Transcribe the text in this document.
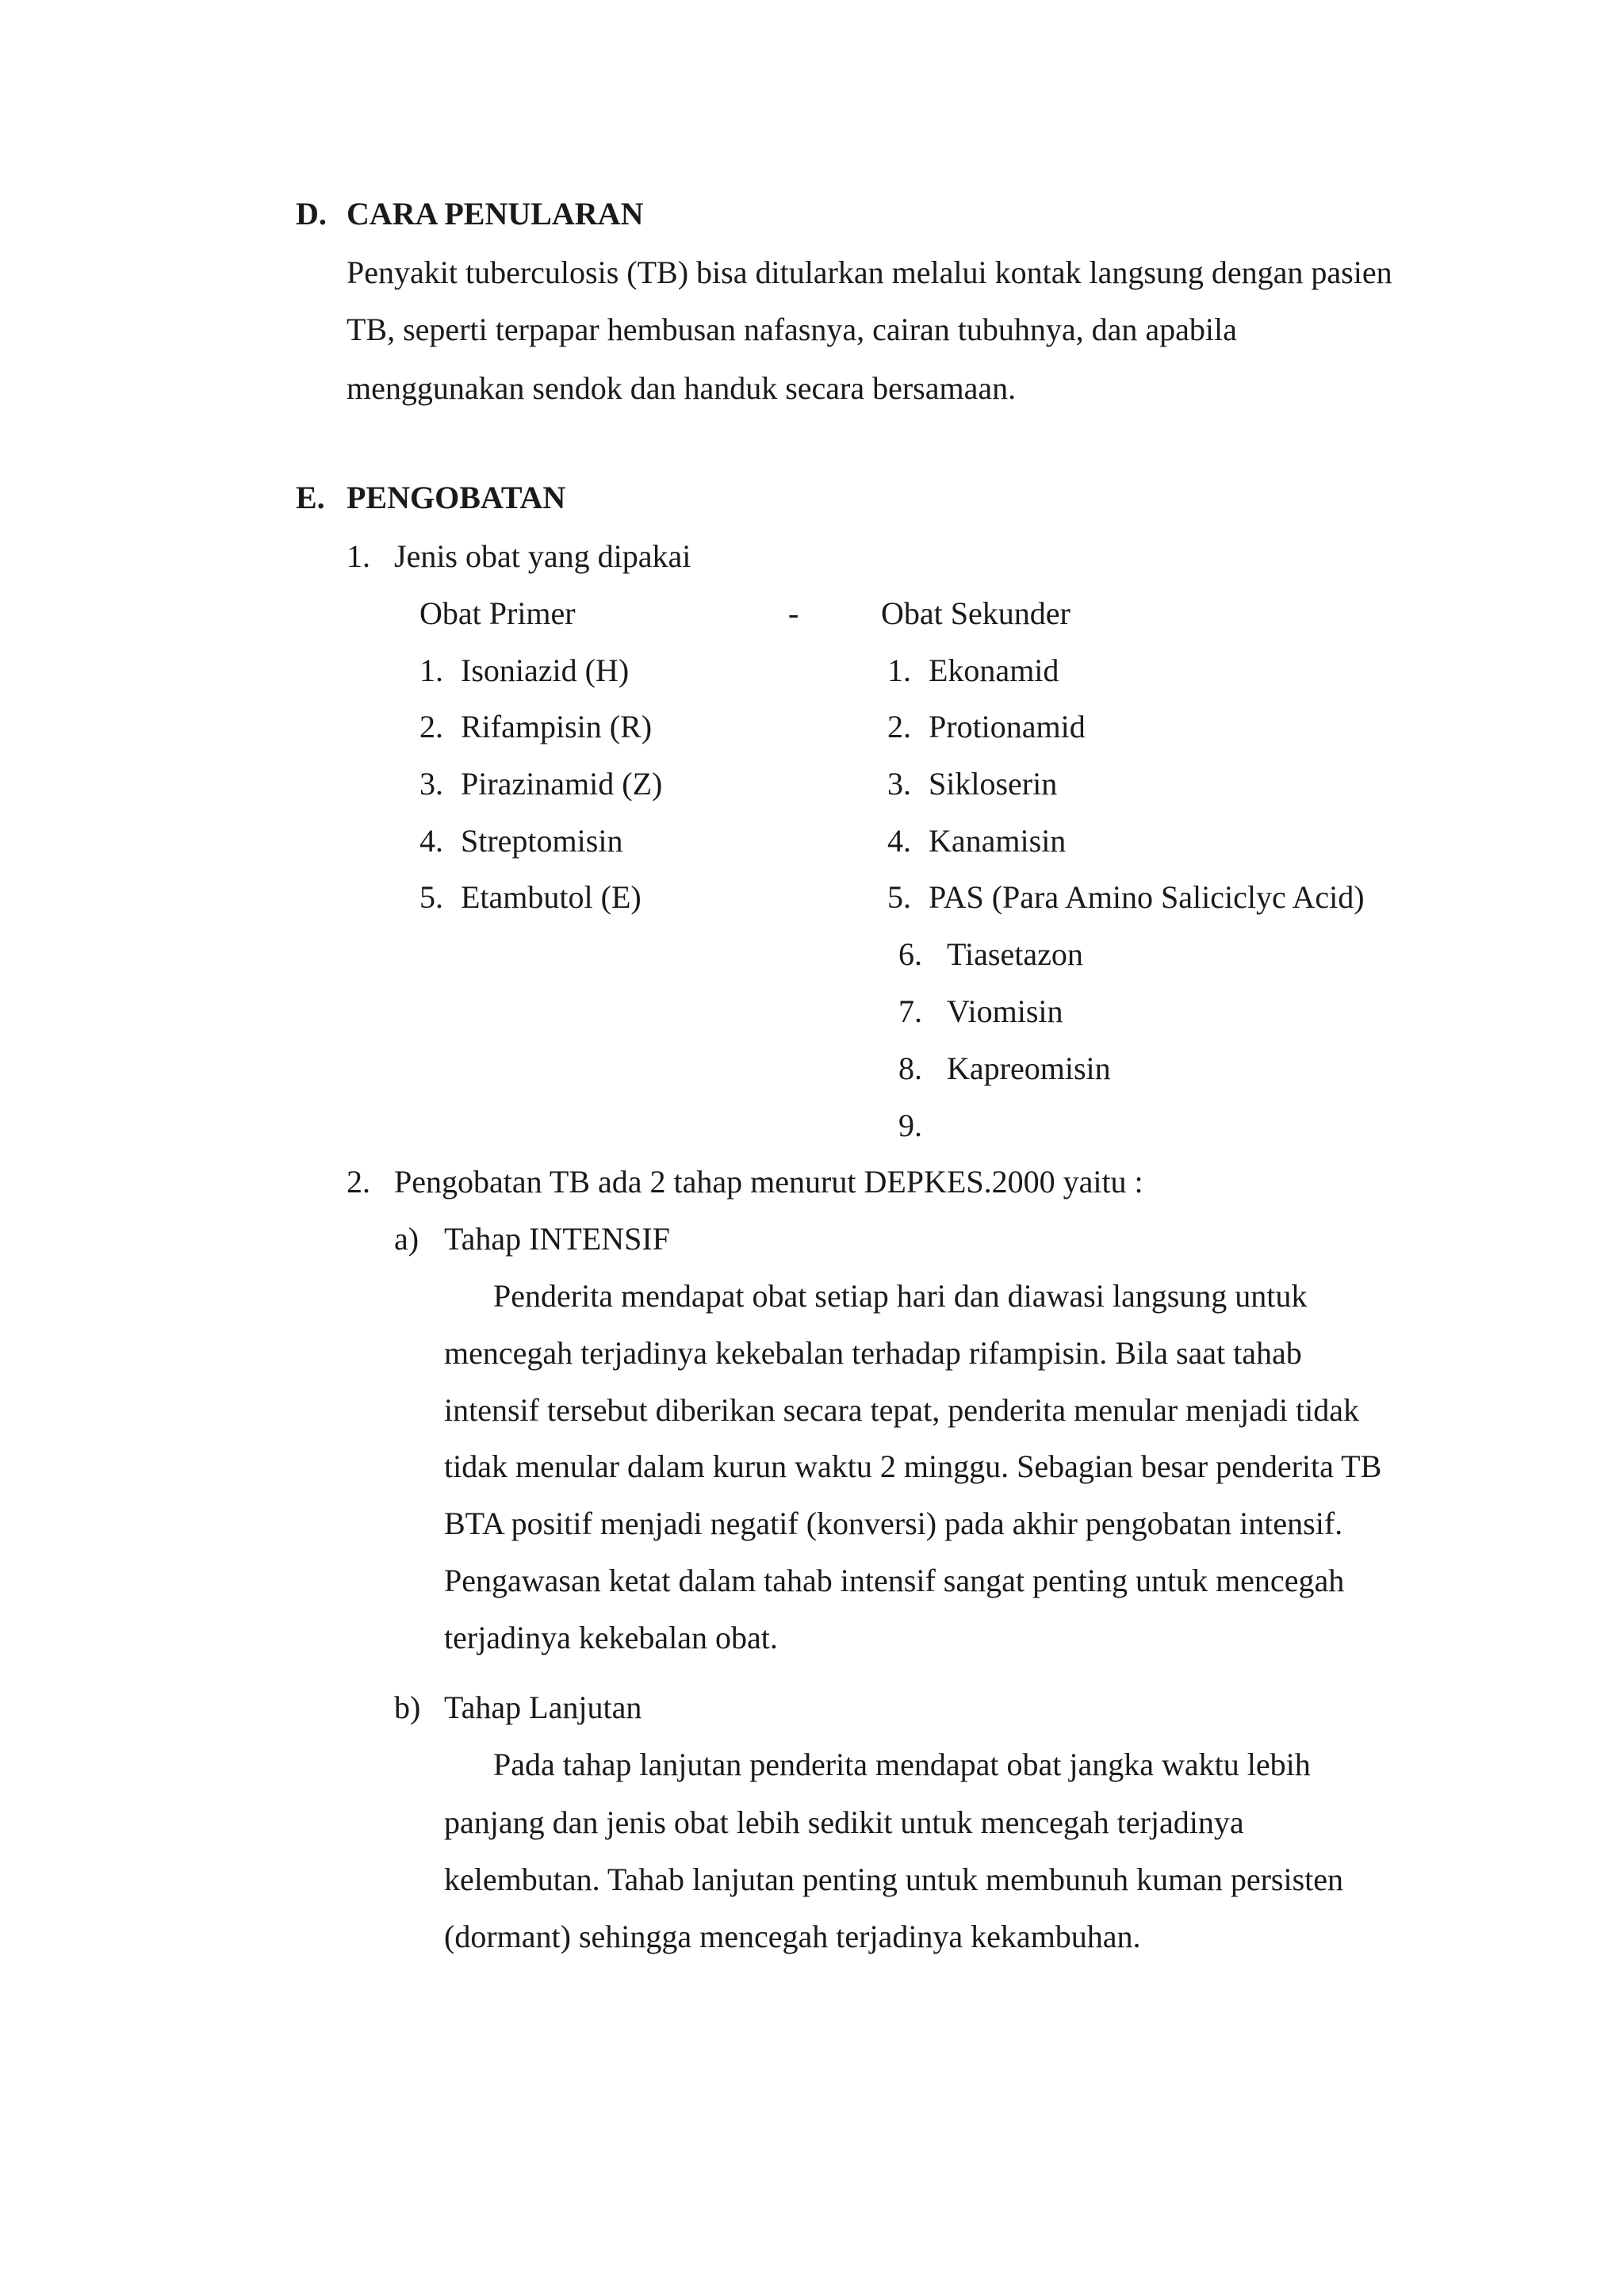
D. CARA PENULARAN
Penyakit tuberculosis (TB) bisa ditularkan melalui kontak langsung dengan pasien
TB, seperti terpapar hembusan nafasnya, cairan tubuhnya, dan apabila
menggunakan sendok dan handuk secara bersamaan.
E. PENGOBATAN
1. Jenis obat yang dipakai
Obat Primer	-	Obat Sekunder
1. Isoniazid (H)
2. Rifampisin (R)
3. Pirazinamid (Z)
4. Streptomisin
5. Etambutol (E)
1. Ekonamid
2. Protionamid
3. Sikloserin
4. Kanamisin
5. PAS (Para Amino Saliciclyc Acid)
6. Tiasetazon
7. Viomisin
8. Kapreomisin
9.
2. Pengobatan TB ada 2 tahap menurut DEPKES.2000 yaitu :
a) Tahap INTENSIF
Penderita mendapat obat setiap hari dan diawasi langsung untuk
mencegah terjadinya kekebalan terhadap rifampisin. Bila saat tahab
intensif tersebut diberikan secara tepat, penderita menular menjadi tidak
tidak menular dalam kurun waktu 2 minggu. Sebagian besar penderita TB
BTA positif menjadi negatif (konversi) pada akhir pengobatan intensif.
Pengawasan ketat dalam tahab intensif sangat penting untuk mencegah
terjadinya kekebalan obat.
b) Tahap Lanjutan
Pada tahap lanjutan penderita mendapat obat jangka waktu lebih
panjang dan jenis obat lebih sedikit untuk mencegah terjadinya
kelembutan. Tahab lanjutan penting untuk membunuh kuman persisten
(dormant) sehingga mencegah terjadinya kekambuhan.
